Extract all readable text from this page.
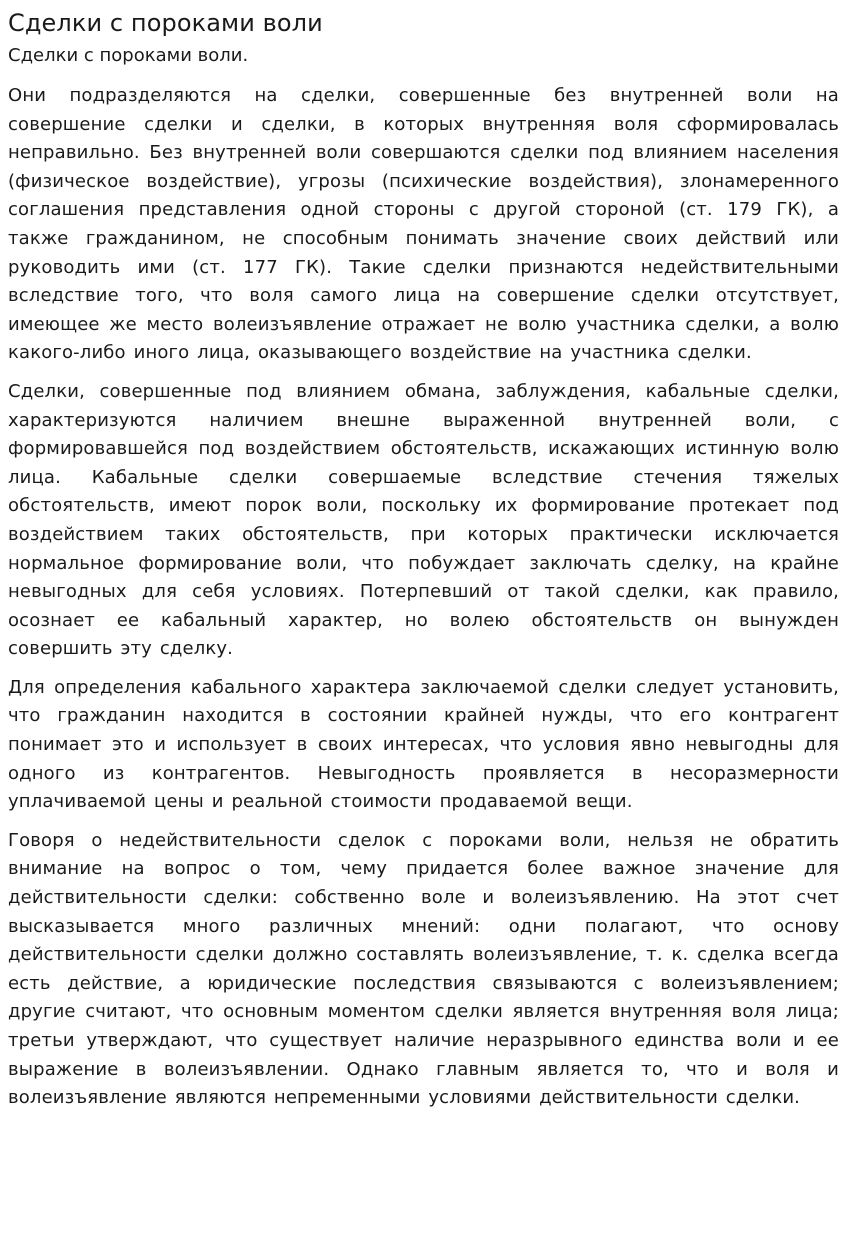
Сделки с пороками воли

Сделки с пороками воли.

Они подразделяются на сделки, совершенные без внутренней воли на совершение сделки и сделки, в которых внутренняя воля сформировалась неправильно. Без внутренней воли совершаются сделки под влиянием населения (физическое воздействие), угрозы (психические воздействия), злонамеренного соглашения представления одной стороны с другой стороной (ст. 179 ГК), а также гражданином, не способным понимать значение своих действий или руководить ими (ст. 177 ГК). Такие сделки признаются недействительными вследствие того, что воля самого лица на совершение сделки отсутствует, имеющее же место волеизъявление отражает не волю участника сделки, а волю какого-либо иного лица, оказывающего воздействие на участника сделки.

Сделки, совершенные под влиянием обмана, заблуждения, кабальные сделки, характеризуются наличием внешне выраженной внутренней воли, с формировавшейся под воздействием обстоятельств, искажающих истинную волю лица. Кабальные сделки совершаемые вследствие стечения тяжелых обстоятельств, имеют порок воли, поскольку их формирование протекает под воздействием таких обстоятельств, при которых практически исключается нормальное формирование воли, что побуждает заключать сделку, на крайне невыгодных для себя условиях. Потерпевший от такой сделки, как правило, осознает ее кабальный характер, но волею обстоятельств он вынужден совершить эту сделку.

Для определения кабального характера заключаемой сделки следует установить, что гражданин находится в состоянии крайней нужды, что его контрагент понимает это и использует в своих интересах, что условия явно невыгодны для одного из контрагентов. Невыгодность проявляется в несоразмерности уплачиваемой цены и реальной стоимости продаваемой вещи.

Говоря о недействительности сделок с пороками воли, нельзя не обратить внимание на вопрос о том, чему придается более важное значение для действительности сделки: собственно воле и волеизъявлению. На этот счет высказывается много различных мнений: одни полагают, что основу действительности сделки должно составлять волеизъявление, т. к. сделка всегда есть действие, а юридические последствия связываются с волеизъявлением; другие считают, что основным моментом сделки является внутренняя воля лица; третьи утверждают, что существует наличие неразрывного единства воли и ее выражение в волеизъявлении. Однако главным является то, что и воля и волеизъявление являются непременными условиями действительности сделки.
